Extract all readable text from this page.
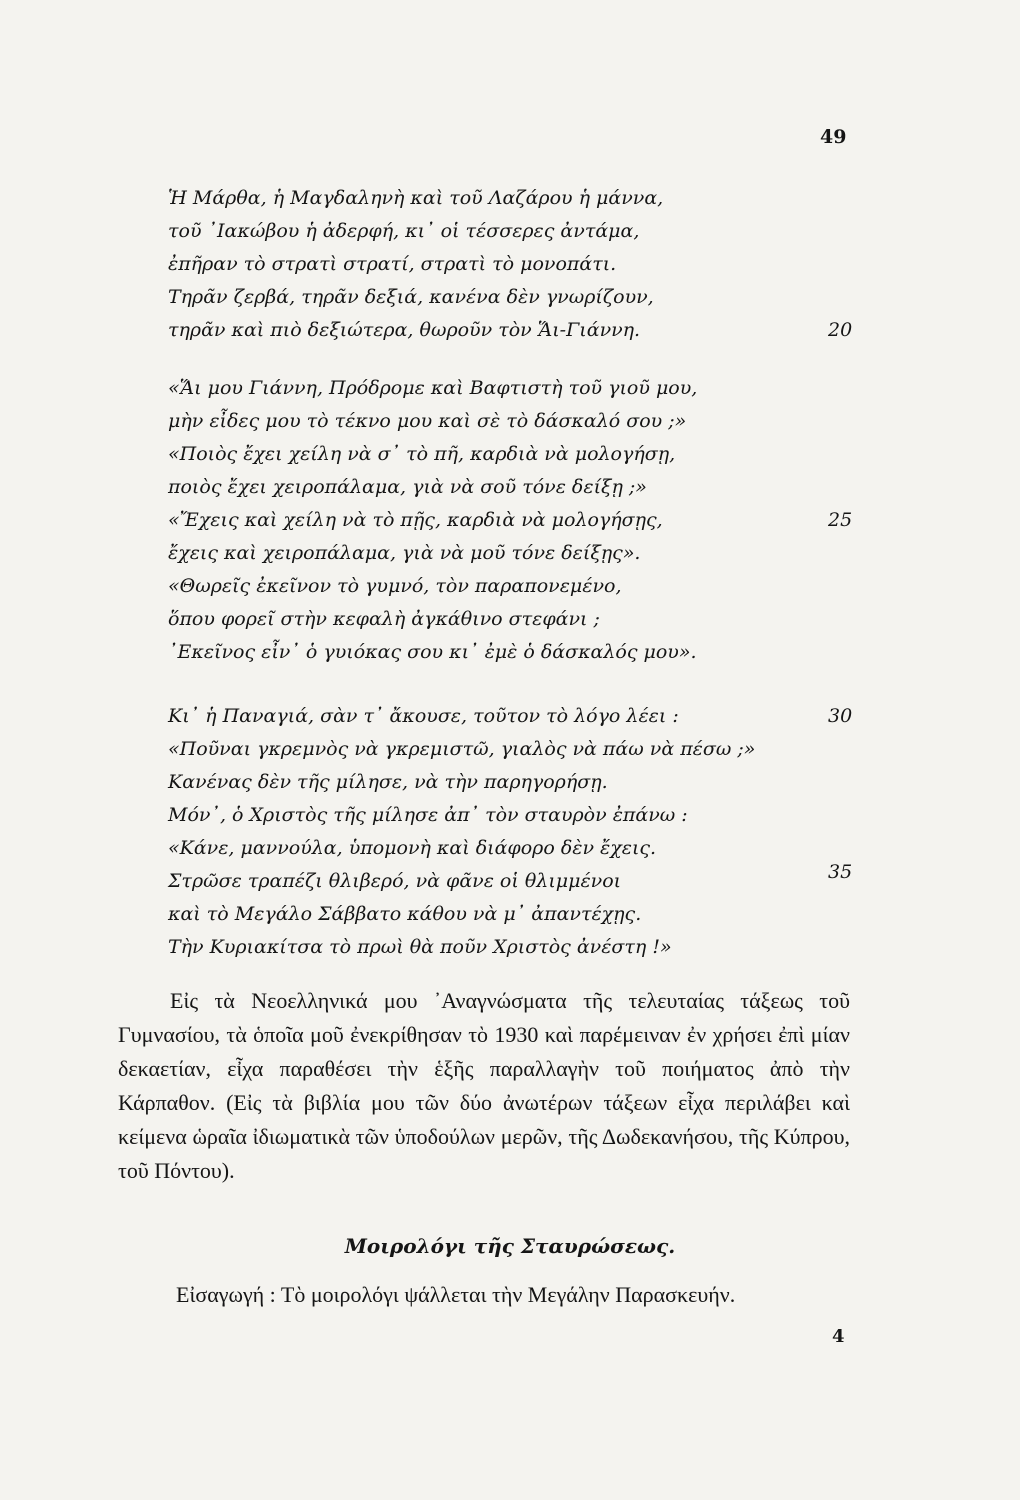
49
Ἡ Μάρθα, ἡ Μαγδαληνὴ καὶ τοῦ Λαζάρου ἡ μάννα,
τοῦ ᾿Ιακώβου ἡ ἀδερφή, κι᾿ οἱ τέσσερες ἀντάμα,
ἐπῆραν τὸ στρατὶ στρατί, στρατὶ τὸ μονοπάτι.
Τηρᾶν ζερβά, τηρᾶν δεξιά, κανένα δὲν γνωρίζουν,
τηρᾶν καὶ πιὸ δεξιώτερα, θωροῦν τὸν Ἅι-Γιάννη.
«Ἅι μου Γιάννη, Πρόδρομε καὶ Βαφτιστὴ τοῦ γιοῦ μου,
μὴν εἶδες μου τὸ τέκνο μου καὶ σὲ τὸ δάσκαλό σου ;»
«Ποιὸς ἔχει χείλη νὰ σ᾿ τὸ πῆ, καρδιὰ νὰ μολογήσῃ,
ποιὸς ἔχει χειροπάλαμα, γιὰ νὰ σοῦ τόνε δείξῃ ;»
«Ἔχεις καὶ χείλη νὰ τὸ πῇς, καρδιὰ νὰ μολογήσῃς,
ἔχεις καὶ χειροπάλαμα, γιὰ νὰ μοῦ τόνε δείξῃς».
«Θωρεῖς ἐκεῖνον τὸ γυμνό, τὸν παραπονεμένο,
ὅπου φορεῖ στὴν κεφαλὴ ἀγκάθινο στεφάνι ;
᾿Εκεῖνος εἶν᾿ ὁ γυιόκας σου κι᾿ ἐμὲ ὁ δάσκαλός μου».
Κι᾿ ἡ Παναγιά, σὰν τ᾿ ἄκουσε, τοῦτον τὸ λόγο λέει :
«Ποῦναι γκρεμνὸς νὰ γκρεμιστῶ, γιαλὸς νὰ πάω νὰ πέσω ;»
Κανένας δὲν τῆς μίλησε, νὰ τὴν παρηγορήσῃ.
Μόν᾿, ὁ Χριστὸς τῆς μίλησε ἀπ᾿ τὸν σταυρὸν ἐπάνω :
«Κάνε, μαννούλα, ὑπομονὴ καὶ διάφορο δὲν ἔχεις.
Στρῶσε τραπέζι θλιβερό, νὰ φᾶνε οἱ θλιμμένοι
καὶ τὸ Μεγάλο Σάββατο κάθου νὰ μ᾿ ἀπαντέχῃς.
Τὴν Κυριακίτσα τὸ πρωὶ θὰ ποῦν Χριστὸς ἀνέστη !»
20
25
30
35

Εἰς τὰ Νεοελληνικά μου ᾿Αναγνώσματα τῆς τελευταίας τάξεως τοῦ Γυμνασίου, τὰ ὁποῖα μοῦ ἐνεκρίθησαν τὸ 1930 καὶ παρέμειναν ἐν χρήσει ἐπὶ μίαν δεκαετίαν, εἶχα παραθέσει τὴν ἑξῆς παραλλαγὴν τοῦ ποιήματος ἀπὸ τὴν Κάρπαθον. (Εἰς τὰ βιβλία μου τῶν δύο ἀνωτέρων τάξεων εἶχα περιλάβει καὶ κείμενα ὡραῖα ἰδιωματικὰ τῶν ὑποδούλων μερῶν, τῆς Δωδεκανήσου, τῆς Κύπρου, τοῦ Πόντου).

Μοιρολόγι τῆς Σταυρώσεως.
Εἰσαγωγή : Τὸ μοιρολόγι ψάλλεται τὴν Μεγάλην Παρασκευήν.
4
